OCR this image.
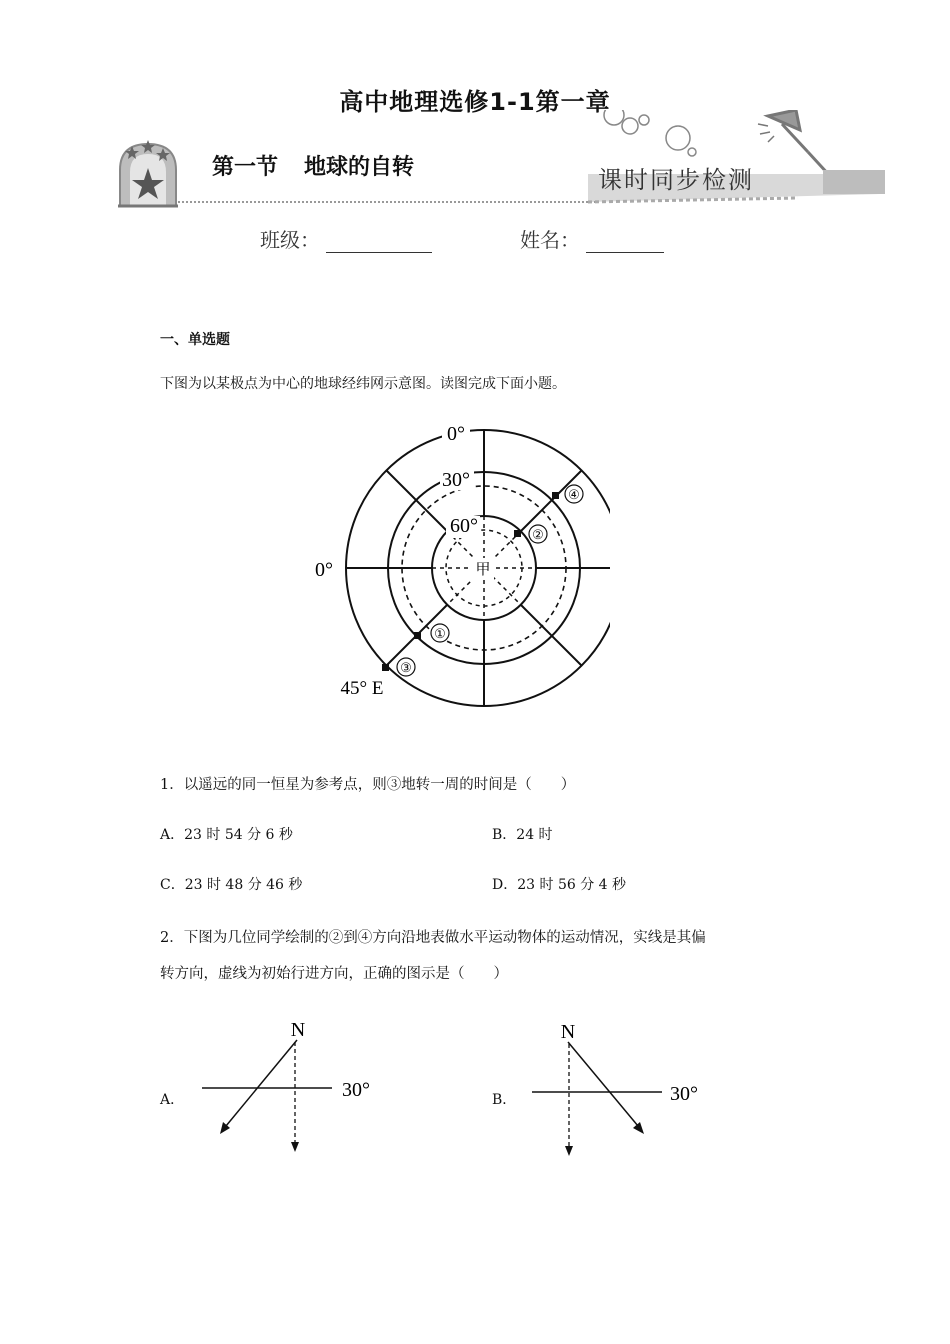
高中地理选修1-1第一章
第一节 地球的自转	课时同步检测
班级：	姓名：
一、单选题
下图为以某极点为中心的地球经纬网示意图。读图完成下面小题。
④
②
①
③
0°
30°
60°
甲
0°
45° E
1．以遥远的同一恒星为参考点，则③地转一周的时间是（　　）
A．23 时 54 分 6 秒	B．24 时
C．23 时 48 分 46 秒	D．23 时 56 分 4 秒
2．下图为几位同学绘制的②到④方向沿地表做水平运动物体的运动情况，实线是其偏
转方向，虚线为初始行进方向，正确的图示是（　　）
A．
N
30°	B．
N
30°
